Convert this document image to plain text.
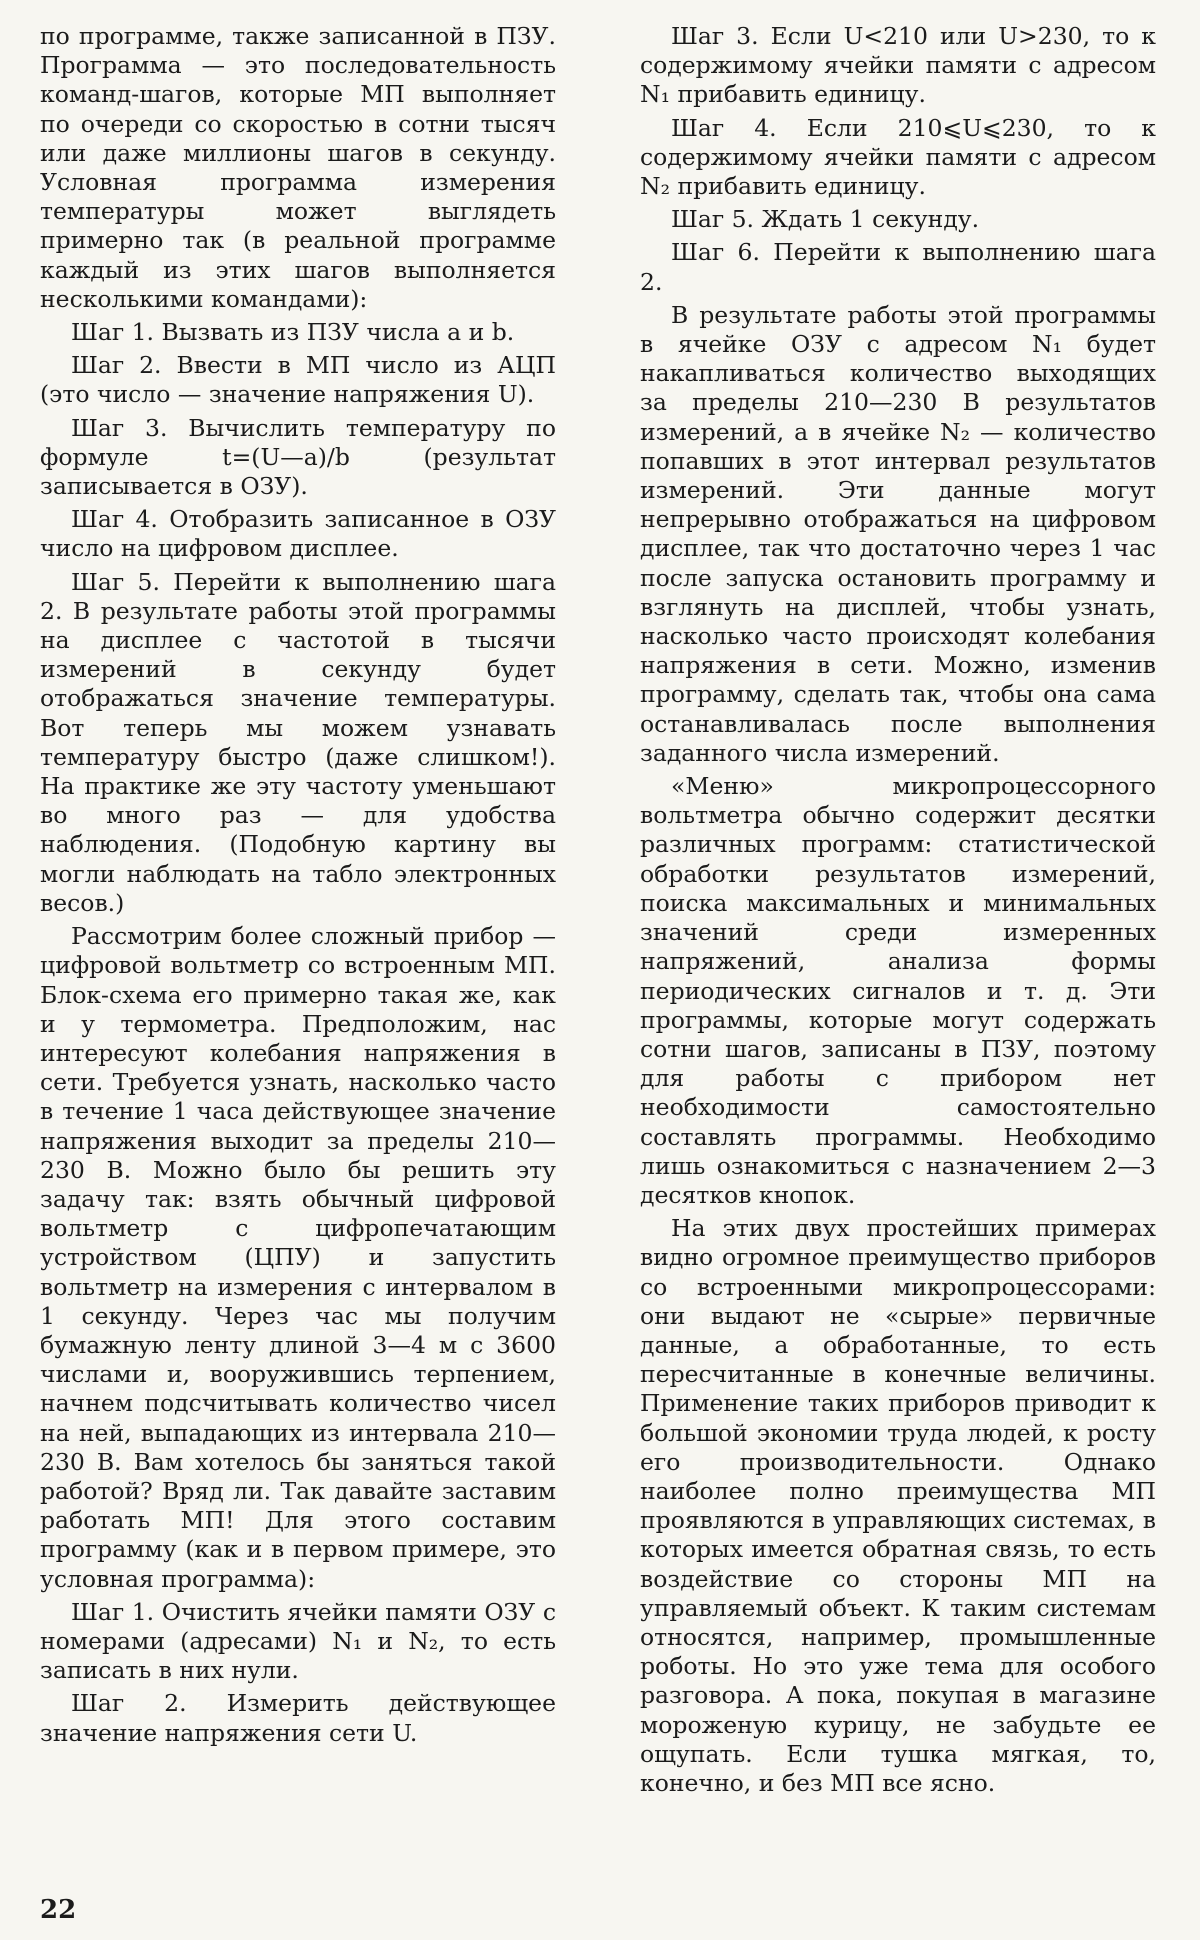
по программе, также записанной в ПЗУ. Программа — это последовательность команд-шагов, которые МП выполняет по очереди со скоростью в сотни тысяч или даже миллионы шагов в секунду. Условная программа измерения температуры может выглядеть примерно так (в реальной программе каждый из этих шагов выполняется несколькими командами):

Шаг 1. Вызвать из ПЗУ числа a и b.

Шаг 2. Ввести в МП число из АЦП (это число — значение напряжения U).

Шаг 3. Вычислить температуру по формуле t=(U—a)/b (результат записывается в ОЗУ).

Шаг 4. Отобразить записанное в ОЗУ число на цифровом дисплее.

Шаг 5. Перейти к выполнению шага 2. В результате работы этой программы на дисплее с частотой в тысячи измерений в секунду будет отображаться значение температуры. Вот теперь мы можем узнавать температуру быстро (даже слишком!). На практике же эту частоту уменьшают во много раз — для удобства наблюдения. (Подобную картину вы могли наблюдать на табло электронных весов.)

Рассмотрим более сложный прибор — цифровой вольтметр со встроенным МП. Блок-схема его примерно такая же, как и у термометра. Предположим, нас интересуют колебания напряжения в сети. Требуется узнать, насколько часто в течение 1 часа действующее значение напряжения выходит за пределы 210—230 В. Можно было бы решить эту задачу так: взять обычный цифровой вольтметр с цифропечатающим устройством (ЦПУ) и запустить вольтметр на измерения с интервалом в 1 секунду. Через час мы получим бумажную ленту длиной 3—4 м с 3600 числами и, вооружившись терпением, начнем подсчитывать количество чисел на ней, выпадающих из интервала 210—230 В. Вам хотелось бы заняться такой работой? Вряд ли. Так давайте заставим работать МП! Для этого составим программу (как и в первом примере, это условная программа):

Шаг 1. Очистить ячейки памяти ОЗУ с номерами (адресами) N₁ и N₂, то есть записать в них нули.

Шаг 2. Измерить действующее значение напряжения сети U.

Шаг 3. Если U<210 или U>230, то к содержимому ячейки памяти с адресом N₁ прибавить единицу.

Шаг 4. Если 210⩽U⩽230, то к содержимому ячейки памяти с адресом N₂ прибавить единицу.

Шаг 5. Ждать 1 секунду.

Шаг 6. Перейти к выполнению шага 2.

В результате работы этой программы в ячейке ОЗУ с адресом N₁ будет накапливаться количество выходящих за пределы 210—230 В результатов измерений, а в ячейке N₂ — количество попавших в этот интервал результатов измерений. Эти данные могут непрерывно отображаться на цифровом дисплее, так что достаточно через 1 час после запуска остановить программу и взглянуть на дисплей, чтобы узнать, насколько часто происходят колебания напряжения в сети. Можно, изменив программу, сделать так, чтобы она сама останавливалась после выполнения заданного числа измерений.

«Меню» микропроцессорного вольтметра обычно содержит десятки различных программ: статистической обработки результатов измерений, поиска максимальных и минимальных значений среди измеренных напряжений, анализа формы периодических сигналов и т. д. Эти программы, которые могут содержать сотни шагов, записаны в ПЗУ, поэтому для работы с прибором нет необходимости самостоятельно составлять программы. Необходимо лишь ознакомиться с назначением 2—3 десятков кнопок.

На этих двух простейших примерах видно огромное преимущество приборов со встроенными микропроцессорами: они выдают не «сырые» первичные данные, а обработанные, то есть пересчитанные в конечные величины. Применение таких приборов приводит к большой экономии труда людей, к росту его производительности. Однако наиболее полно преимущества МП проявляются в управляющих системах, в которых имеется обратная связь, то есть воздействие со стороны МП на управляемый объект. К таким системам относятся, например, промышленные роботы. Но это уже тема для особого разговора. А пока, покупая в магазине мороженую курицу, не забудьте ее ощупать. Если тушка мягкая, то, конечно, и без МП все ясно.

22
